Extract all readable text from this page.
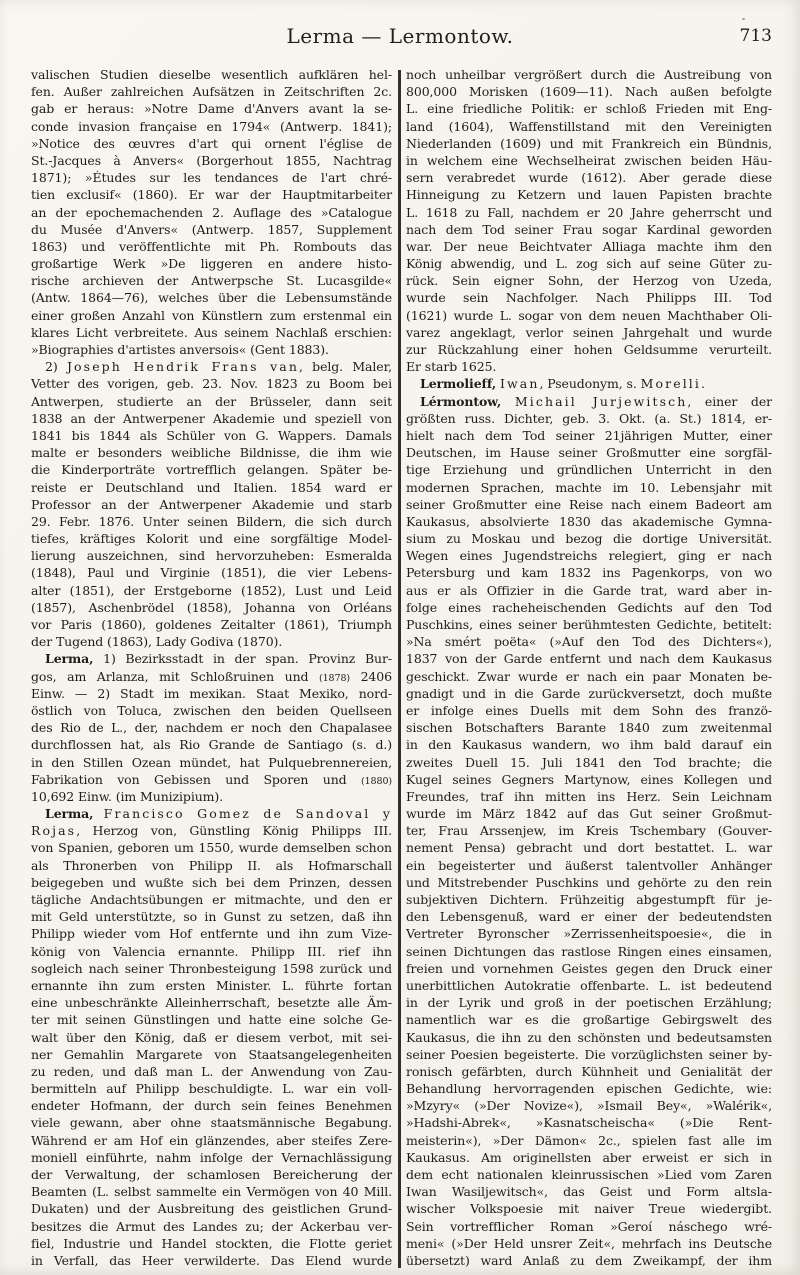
Lerma — Lermontow.	713
valischen Studien dieselbe wesentlich aufklären hel-
fen. Außer zahlreichen Aufsätzen in Zeitschriften 2c.
gab er heraus: »Notre Dame d'Anvers avant la se-
conde invasion française en 1794« (Antwerp. 1841);
»Notice des œuvres d'art qui ornent l'église de
St.-Jacques à Anvers« (Borgerhout 1855, Nachtrag
1871); »Études sur les tendances de l'art chré-
tien exclusif« (1860). Er war der Hauptmitarbeiter
an der epochemachenden 2. Auflage des »Catalogue
du Musée d'Anvers« (Antwerp. 1857, Supplement
1863) und veröffentlichte mit Ph. Rombouts das
großartige Werk »De liggeren en andere histo-
rische archieven der Antwerpsche St. Lucasgilde«
(Antw. 1864—76), welches über die Lebensumstände
einer großen Anzahl von Künstlern zum erstenmal ein
klares Licht verbreitete. Aus seinem Nachlaß erschien:
»Biographies d'artistes anversois« (Gent 1883).
2) Joseph Hendrik Frans van, belg. Maler,
Vetter des vorigen, geb. 23. Nov. 1823 zu Boom bei
Antwerpen, studierte an der Brüsseler, dann seit
1838 an der Antwerpener Akademie und speziell von
1841 bis 1844 als Schüler von G. Wappers. Damals
malte er besonders weibliche Bildnisse, die ihm wie
die Kinderporträte vortrefflich gelangen. Später be-
reiste er Deutschland und Italien. 1854 ward er
Professor an der Antwerpener Akademie und starb
29. Febr. 1876. Unter seinen Bildern, die sich durch
tiefes, kräftiges Kolorit und eine sorgfältige Model-
lierung auszeichnen, sind hervorzuheben: Esmeralda
(1848), Paul und Virginie (1851), die vier Lebens-
alter (1851), der Erstgeborne (1852), Lust und Leid
(1857), Aschenbrödel (1858), Johanna von Orléans
vor Paris (1860), goldenes Zeitalter (1861), Triumph
der Tugend (1863), Lady Godiva (1870).
Lerma, 1) Bezirksstadt in der span. Provinz Bur-
gos, am Arlanza, mit Schloßruinen und (1878) 2406
Einw. — 2) Stadt im mexikan. Staat Mexiko, nord-
östlich von Toluca, zwischen den beiden Quellseen
des Rio de L., der, nachdem er noch den Chapalasee
durchflossen hat, als Rio Grande de Santiago (s. d.)
in den Stillen Ozean mündet, hat Pulquebrennereien,
Fabrikation von Gebissen und Sporen und (1880)
10,692 Einw. (im Munizipium).
Lerma, Francisco Gomez de Sandoval y
Rojas, Herzog von, Günstling König Philipps III.
von Spanien, geboren um 1550, wurde demselben schon
als Thronerben von Philipp II. als Hofmarschall
beigegeben und wußte sich bei dem Prinzen, dessen
tägliche Andachtsübungen er mitmachte, und den er
mit Geld unterstützte, so in Gunst zu setzen, daß ihn
Philipp wieder vom Hof entfernte und ihn zum Vize-
könig von Valencia ernannte. Philipp III. rief ihn
sogleich nach seiner Thronbesteigung 1598 zurück und
ernannte ihn zum ersten Minister. L. führte fortan
eine unbeschränkte Alleinherrschaft, besetzte alle Äm-
ter mit seinen Günstlingen und hatte eine solche Ge-
walt über den König, daß er diesem verbot, mit sei-
ner Gemahlin Margarete von Staatsangelegenheiten
zu reden, und daß man L. der Anwendung von Zau-
bermitteln auf Philipp beschuldigte. L. war ein voll-
endeter Hofmann, der durch sein feines Benehmen
viele gewann, aber ohne staatsmännische Begabung.
Während er am Hof ein glänzendes, aber steifes Zere-
moniell einführte, nahm infolge der Vernachlässigung
der Verwaltung, der schamlosen Bereicherung der
Beamten (L. selbst sammelte ein Vermögen von 40 Mill.
Dukaten) und der Ausbreitung des geistlichen Grund-
besitzes die Armut des Landes zu; der Ackerbau ver-
fiel, Industrie und Handel stockten, die Flotte geriet
in Verfall, das Heer verwilderte. Das Elend wurde
noch unheilbar vergrößert durch die Austreibung von
800,000 Morisken (1609—11). Nach außen befolgte
L. eine friedliche Politik: er schloß Frieden mit Eng-
land (1604), Waffenstillstand mit den Vereinigten
Niederlanden (1609) und mit Frankreich ein Bündnis,
in welchem eine Wechselheirat zwischen beiden Häu-
sern verabredet wurde (1612). Aber gerade diese
Hinneigung zu Ketzern und lauen Papisten brachte
L. 1618 zu Fall, nachdem er 20 Jahre geherrscht und
nach dem Tod seiner Frau sogar Kardinal geworden
war. Der neue Beichtvater Alliaga machte ihm den
König abwendig, und L. zog sich auf seine Güter zu-
rück. Sein eigner Sohn, der Herzog von Uzeda,
wurde sein Nachfolger. Nach Philipps III. Tod
(1621) wurde L. sogar von dem neuen Machthaber Oli-
varez angeklagt, verlor seinen Jahrgehalt und wurde
zur Rückzahlung einer hohen Geldsumme verurteilt.
Er starb 1625.
Lermolieff, Iwan, Pseudonym, s. Morelli.
Lérmontow, Michail Jurjewitsch, einer der
größten russ. Dichter, geb. 3. Okt. (a. St.) 1814, er-
hielt nach dem Tod seiner 21jährigen Mutter, einer
Deutschen, im Hause seiner Großmutter eine sorgfäl-
tige Erziehung und gründlichen Unterricht in den
modernen Sprachen, machte im 10. Lebensjahr mit
seiner Großmutter eine Reise nach einem Badeort am
Kaukasus, absolvierte 1830 das akademische Gymna-
sium zu Moskau und bezog die dortige Universität.
Wegen eines Jugendstreichs relegiert, ging er nach
Petersburg und kam 1832 ins Pagenkorps, von wo
aus er als Offizier in die Garde trat, ward aber in-
folge eines racheheischenden Gedichts auf den Tod
Puschkins, eines seiner berühmtesten Gedichte, betitelt:
»Na smért poëta« (»Auf den Tod des Dichters«),
1837 von der Garde entfernt und nach dem Kaukasus
geschickt. Zwar wurde er nach ein paar Monaten be-
gnadigt und in die Garde zurückversetzt, doch mußte
er infolge eines Duells mit dem Sohn des franzö-
sischen Botschafters Barante 1840 zum zweitenmal
in den Kaukasus wandern, wo ihm bald darauf ein
zweites Duell 15. Juli 1841 den Tod brachte; die
Kugel seines Gegners Martynow, eines Kollegen und
Freundes, traf ihn mitten ins Herz. Sein Leichnam
wurde im März 1842 auf das Gut seiner Großmut-
ter, Frau Arssenjew, im Kreis Tschembary (Gouver-
nement Pensa) gebracht und dort bestattet. L. war
ein begeisterter und äußerst talentvoller Anhänger
und Mitstrebender Puschkins und gehörte zu den rein
subjektiven Dichtern. Frühzeitig abgestumpft für je-
den Lebensgenuß, ward er einer der bedeutendsten
Vertreter Byronscher »Zerrissenheitspoesie«, die in
seinen Dichtungen das rastlose Ringen eines einsamen,
freien und vornehmen Geistes gegen den Druck einer
unerbittlichen Autokratie offenbarte. L. ist bedeutend
in der Lyrik und groß in der poetischen Erzählung;
namentlich war es die großartige Gebirgswelt des
Kaukasus, die ihn zu den schönsten und bedeutsamsten
seiner Poesien begeisterte. Die vorzüglichsten seiner by-
ronisch gefärbten, durch Kühnheit und Genialität der
Behandlung hervorragenden epischen Gedichte, wie:
»Mzyry« (»Der Novize«), »Ismail Bey«, »Walérik«,
»Hadshi-Abrek«, »Kasnatscheischa« (»Die Rent-
meisterin«), »Der Dämon« 2c., spielen fast alle im
Kaukasus. Am originellsten aber erweist er sich in
dem echt nationalen kleinrussischen »Lied vom Zaren
Iwan Wasiljewitsch«, das Geist und Form altsla-
wischer Volkspoesie mit naiver Treue wiedergibt.
Sein vortrefflicher Roman »Geroí náschego wré-
meni« (»Der Held unsrer Zeit«, mehrfach ins Deutsche
übersetzt) ward Anlaß zu dem Zweikampf, der ihm
